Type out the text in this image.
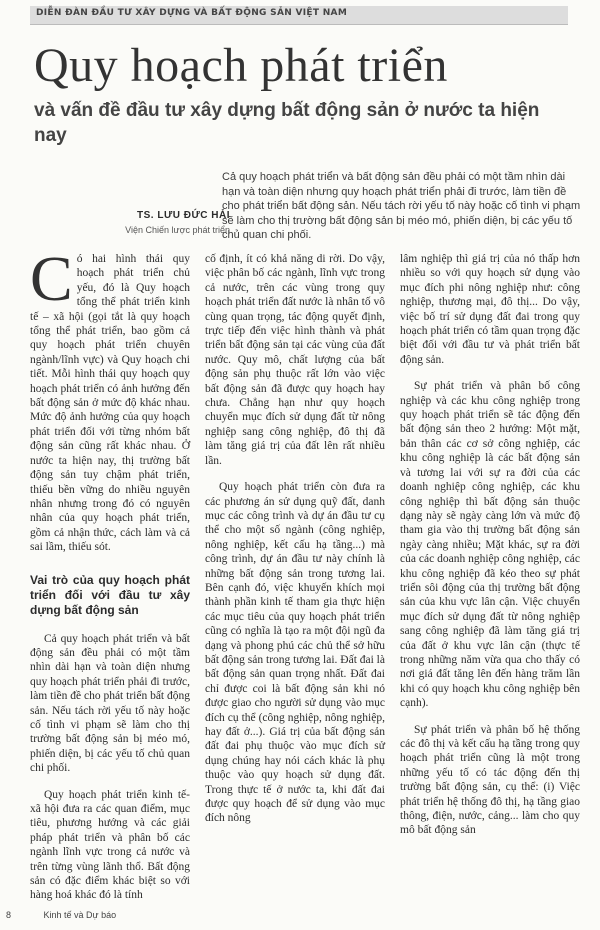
DIỄN ĐÀN ĐẦU TƯ XÂY DỰNG VÀ BẤT ĐỘNG SẢN VIỆT NAM
Quy hoạch phát triển
và vấn đề đầu tư xây dựng bất động sản ở nước ta hiện nay
Cả quy hoạch phát triển và bất động sản đều phải có một tầm nhìn dài hạn và toàn diện nhưng quy hoạch phát triển phải đi trước, làm tiền đề cho phát triển bất động sản. Nếu tách rời yếu tố này hoặc cố tình vi phạm sẽ làm cho thị trường bất động sản bị méo mó, phiến diện, bị các yếu tố chủ quan chi phối.
TS. LƯU ĐỨC HẢI
Viện Chiến lược phát triển

Có hai hình thái quy hoạch phát triển chủ yếu, đó là Quy hoạch tổng thể phát triển kinh tế – xã hội (gọi tắt là quy hoạch tổng thể phát triển, bao gồm cả quy hoạch phát triển chuyên ngành/lĩnh vực) và Quy hoạch chi tiết. Mỗi hình thái quy hoạch quy hoạch phát triển có ảnh hưởng đến bất động sản ở mức độ khác nhau. Mức độ ảnh hưởng của quy hoạch phát triển đối với từng nhóm bất động sản cũng rất khác nhau. Ở nước ta hiện nay, thị trường bất động sản tuy chậm phát triển, thiếu bền vững do nhiều nguyên nhân nhưng trong đó có nguyên nhân của quy hoạch phát triển, gồm cả nhận thức, cách làm và cả sai lầm, thiếu sót.

Vai trò của quy hoạch phát triển đối với đầu tư xây dựng bất động sản

Cả quy hoạch phát triển và bất động sản đều phải có một tầm nhìn dài hạn và toàn diện nhưng quy hoạch phát triển phải đi trước, làm tiền đề cho phát triển bất động sản. Nếu tách rời yếu tố này hoặc cố tình vi phạm sẽ làm cho thị trường bất động sản bị méo mó, phiến diện, bị các yếu tố chủ quan chi phối.

Quy hoạch phát triển kinh tế- xã hội đưa ra các quan điểm, mục tiêu, phương hướng và các giải pháp phát triển và phân bố các ngành lĩnh vực trong cả nước và trên từng vùng lãnh thổ. Bất động sản có đặc điểm khác biệt so với hàng hoá khác đó là tính

cố định, ít có khả năng di rời. Do vậy, việc phân bố các ngành, lĩnh vực trong cả nước, trên các vùng trong quy hoạch phát triển đất nước là nhân tố vô cùng quan trọng, tác động quyết định, trực tiếp đến việc hình thành và phát triển bất động sản tại các vùng của đất nước. Quy mô, chất lượng của bất động sản phụ thuộc rất lớn vào việc bất động sản đã được quy hoạch hay chưa. Chẳng hạn như quy hoạch chuyển mục đích sử dụng đất từ nông nghiệp sang công nghiệp, đô thị đã làm tăng giá trị của đất lên rất nhiều lần.

Quy hoạch phát triển còn đưa ra các phương án sử dụng quỹ đất, danh mục các công trình và dự án đầu tư cụ thể cho một số ngành (công nghiệp, nông nghiệp, kết cấu hạ tầng...) mà công trình, dự án đầu tư này chính là những bất động sản trong tương lai. Bên cạnh đó, việc khuyến khích mọi thành phần kinh tế tham gia thực hiện các mục tiêu của quy hoạch phát triển cũng có nghĩa là tạo ra một đội ngũ đa dạng và phong phú các chủ thể sở hữu bất động sản trong tương lai. Đất đai là bất động sản quan trọng nhất. Đất đai chỉ được coi là bất động sản khi nó được giao cho người sử dụng vào mục đích cụ thể (công nghiệp, nông nghiệp, hay đất ở...). Giá trị của bất động sản đất đai phụ thuộc vào mục đích sử dụng chúng hay nói cách khác là phụ thuộc vào quy hoạch sử dụng đất. Trong thực tế ở nước ta, khi đất đai được quy hoạch để sử dụng vào mục đích nông

lâm nghiệp thì giá trị của nó thấp hơn nhiều so với quy hoạch sử dụng vào mục đích phi nông nghiệp như: công nghiệp, thương mại, đô thị... Do vậy, việc bố trí sử dụng đất đai trong quy hoạch phát triển có tầm quan trọng đặc biệt đối với đầu tư và phát triển bất động sản.

Sự phát triển và phân bố công nghiệp và các khu công nghiệp trong quy hoạch phát triển sẽ tác động đến bất động sản theo 2 hướng: Một mặt, bản thân các cơ sở công nghiệp, các khu công nghiệp là các bất động sản và tương lai với sự ra đời của các doanh nghiệp công nghiệp, các khu công nghiệp thì bất động sản thuộc dạng này sẽ ngày càng lớn và mức độ tham gia vào thị trường bất động sản ngày càng nhiều; Mặt khác, sự ra đời của các doanh nghiệp công nghiệp, các khu công nghiệp đã kéo theo sự phát triển sôi động của thị trường bất động sản của khu vực lân cận. Việc chuyển mục đích sử dụng đất từ nông nghiệp sang công nghiệp đã làm tăng giá trị của đất ở khu vực lân cận (thực tế trong những năm vừa qua cho thấy có nơi giá đất tăng lên đến hàng trăm lần khi có quy hoạch khu công nghiệp bên cạnh).

Sự phát triển và phân bố hệ thống các đô thị và kết cấu hạ tầng trong quy hoạch phát triển cũng là một trong những yếu tố có tác động đến thị trường bất động sản, cụ thể: (i) Việc phát triển hệ thống đô thị, hạ tầng giao thông, điện, nước, cảng... làm cho quy mô bất động sản

8	Kinh tế và Dự báo
